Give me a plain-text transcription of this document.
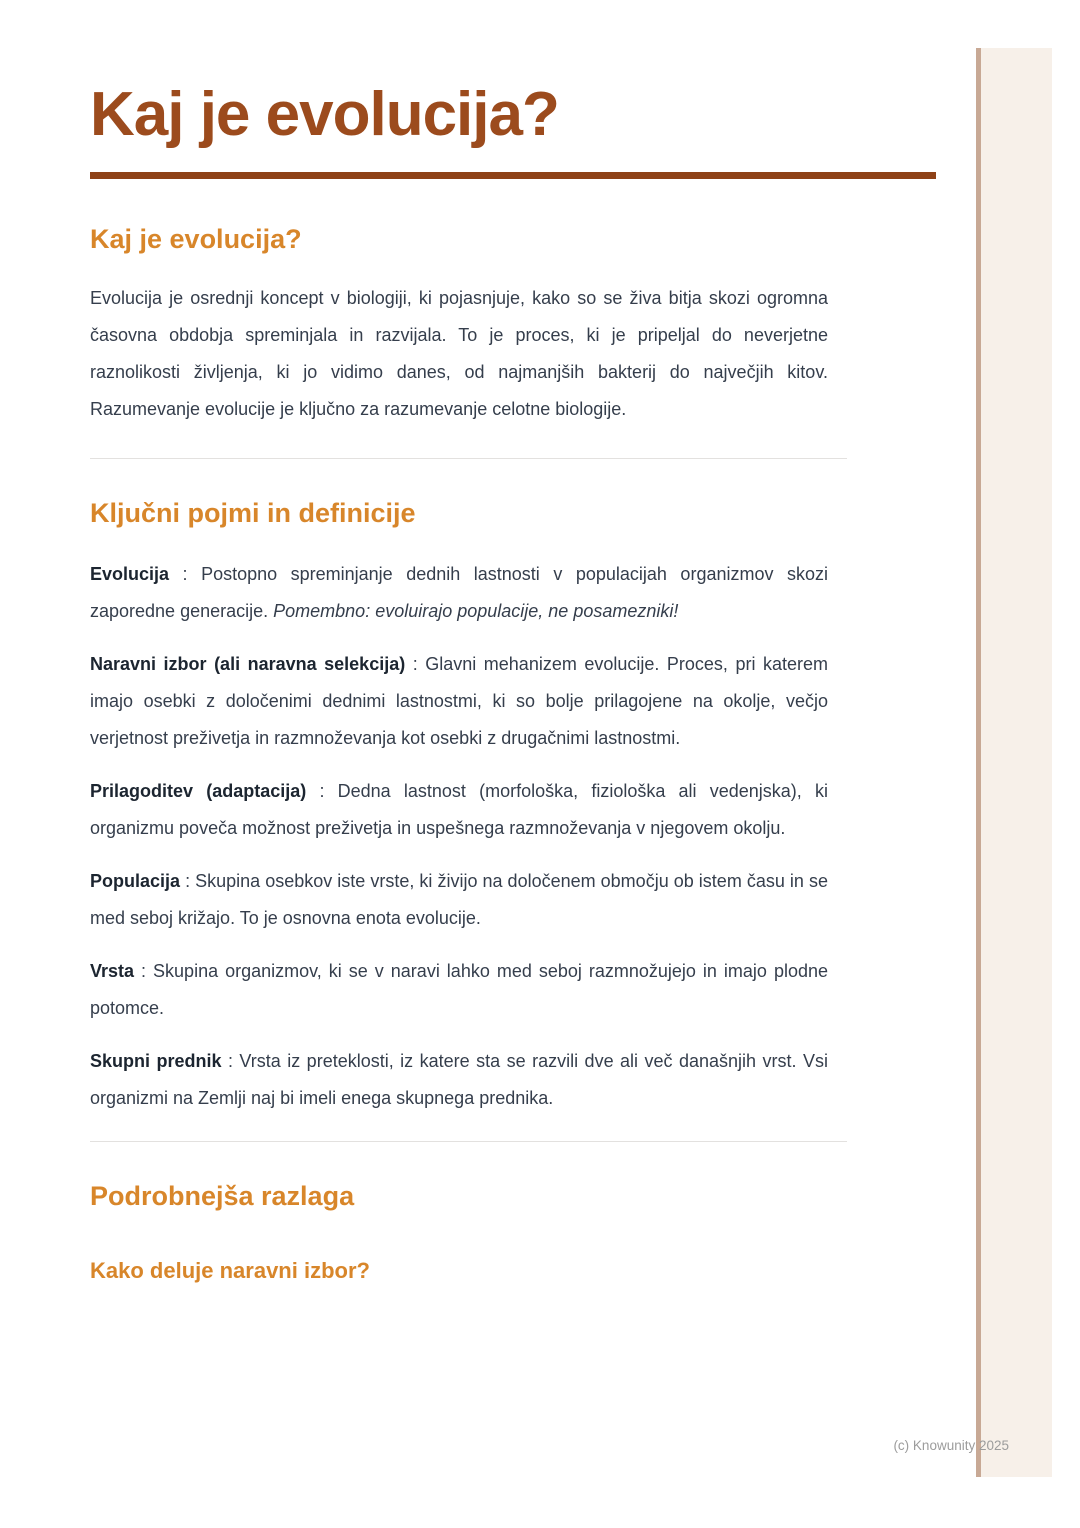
Kaj je evolucija?
Kaj je evolucija?

Evolucija je osrednji koncept v biologiji, ki pojasnjuje, kako so se živa bitja skozi ogromna časovna obdobja spreminjala in razvijala. To je proces, ki je pripeljal do neverjetne raznolikosti življenja, ki jo vidimo danes, od najmanjših bakterij do največjih kitov. Razumevanje evolucije je ključno za razumevanje celotne biologije.

Ključni pojmi in definicije

Evolucija : Postopno spreminjanje dednih lastnosti v populacijah organizmov skozi zaporedne generacije. Pomembno: evoluirajo populacije, ne posamezniki!

Naravni izbor (ali naravna selekcija) : Glavni mehanizem evolucije. Proces, pri katerem imajo osebki z določenimi dednimi lastnostmi, ki so bolje prilagojene na okolje, večjo verjetnost preživetja in razmnoževanja kot osebki z drugačnimi lastnostmi.

Prilagoditev (adaptacija) : Dedna lastnost (morfološka, fiziološka ali vedenjska), ki organizmu poveča možnost preživetja in uspešnega razmnoževanja v njegovem okolju.

Populacija : Skupina osebkov iste vrste, ki živijo na določenem območju ob istem času in se med seboj križajo. To je osnovna enota evolucije.

Vrsta : Skupina organizmov, ki se v naravi lahko med seboj razmnožujejo in imajo plodne potomce.

Skupni prednik : Vrsta iz preteklosti, iz katere sta se razvili dve ali več današnjih vrst. Vsi organizmi na Zemlji naj bi imeli enega skupnega prednika.

Podrobnejša razlaga
Kako deluje naravni izbor?
(c) Knowunity 2025
